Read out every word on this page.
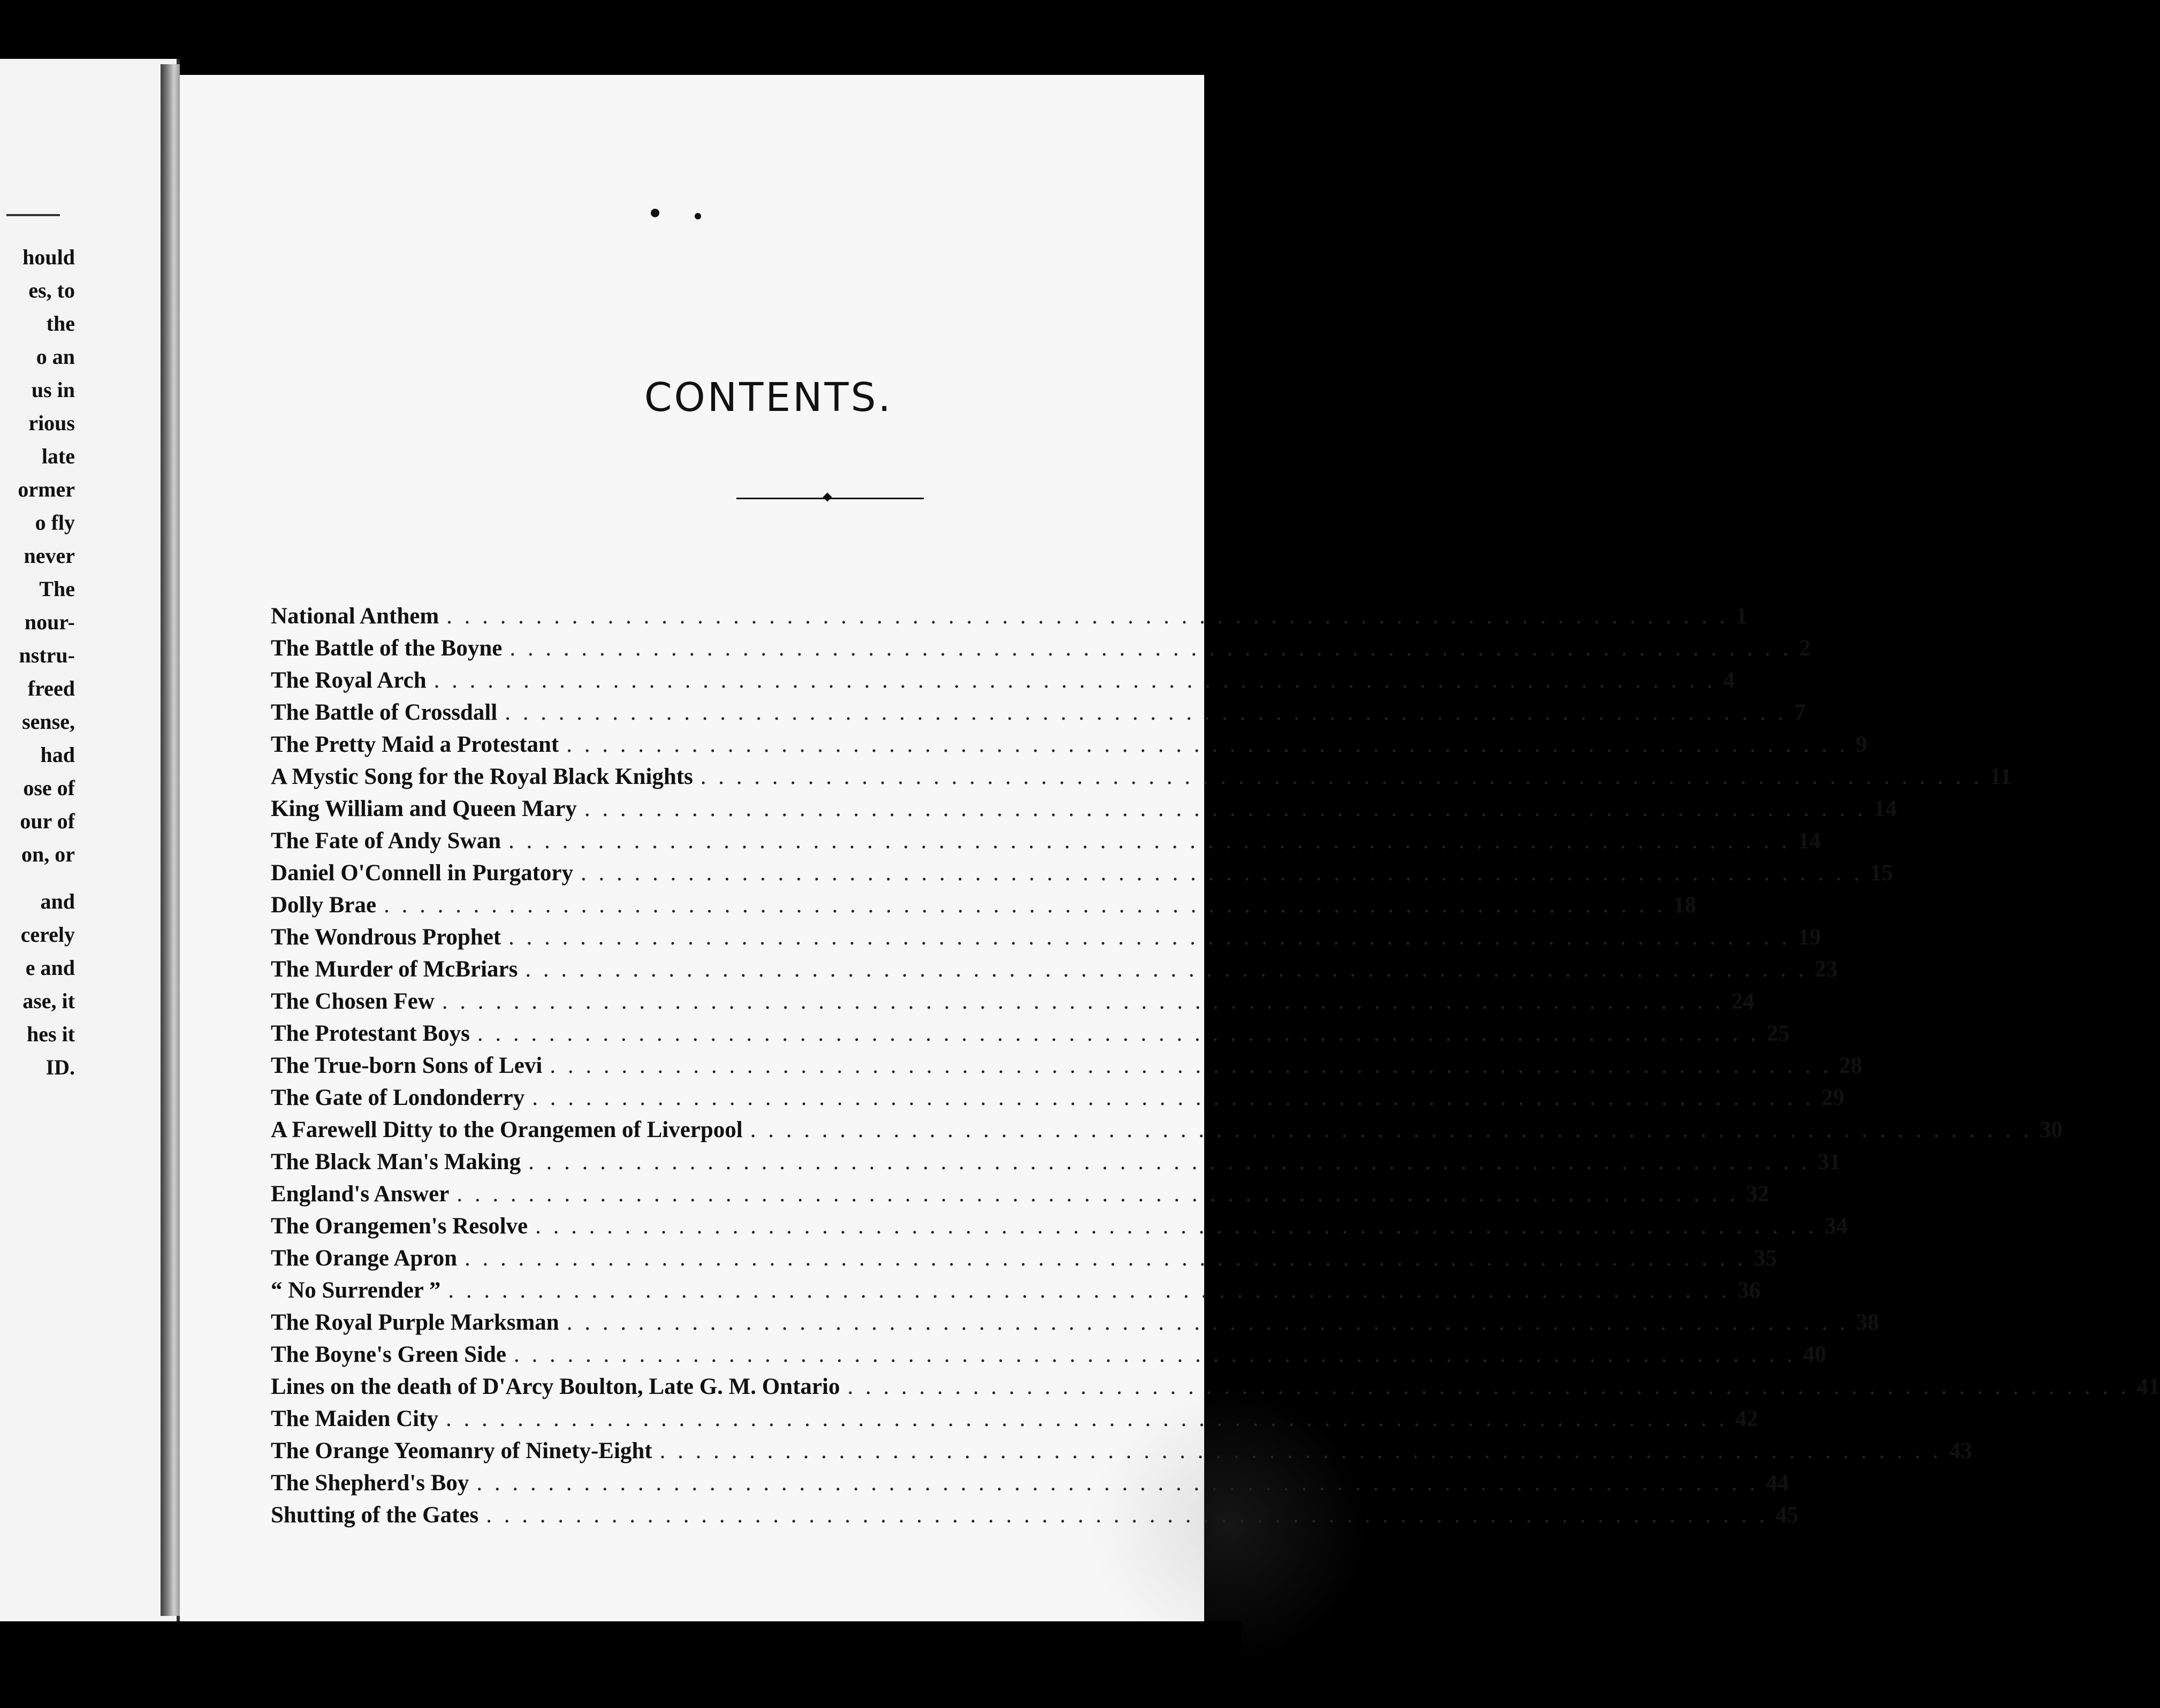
hould
es, to
the
o an
us in
rious
late
ormer
o fly
never
The
nour-
nstru-
freed
sense,
had
ose of
our of
on, or
and
cerely
e and
ase, it
hes it
ID.
CONTENTS.
National Anthem . . .	1
The Battle of the Boyne . . .	2
The Royal Arch . . .	4
The Battle of Crossdall . . .	7
The Pretty Maid a Protestant . . .	9
A Mystic Song for the Royal Black Knights . . .	11
King William and Queen Mary . . .	14
The Fate of Andy Swan . . .	14
Daniel O'Connell in Purgatory . . .	15
Dolly Brae . . .	18
The Wondrous Prophet . . .	19
The Murder of McBriars . . .	23
The Chosen Few . . .	24
The Protestant Boys . . .	25
The True-born Sons of Levi . . .	28
The Gate of Londonderry . . .	29
A Farewell Ditty to the Orangemen of Liverpool . . .	30
The Black Man's Making . . .	31
England's Answer . . .	32
The Orangemen's Resolve . . .	34
The Orange Apron . . .	35
“ No Surrender ” . . .	36
The Royal Purple Marksman . . .	38
The Boyne's Green Side . . .	40
Lines on the death of D'Arcy Boulton, Late G. M. Ontario . . .	41
The Maiden City . . .	42
The Orange Yeomanry of Ninety-Eight . . .	43
The Shepherd's Boy . . .	44
Shutting of the Gates . . .	45
